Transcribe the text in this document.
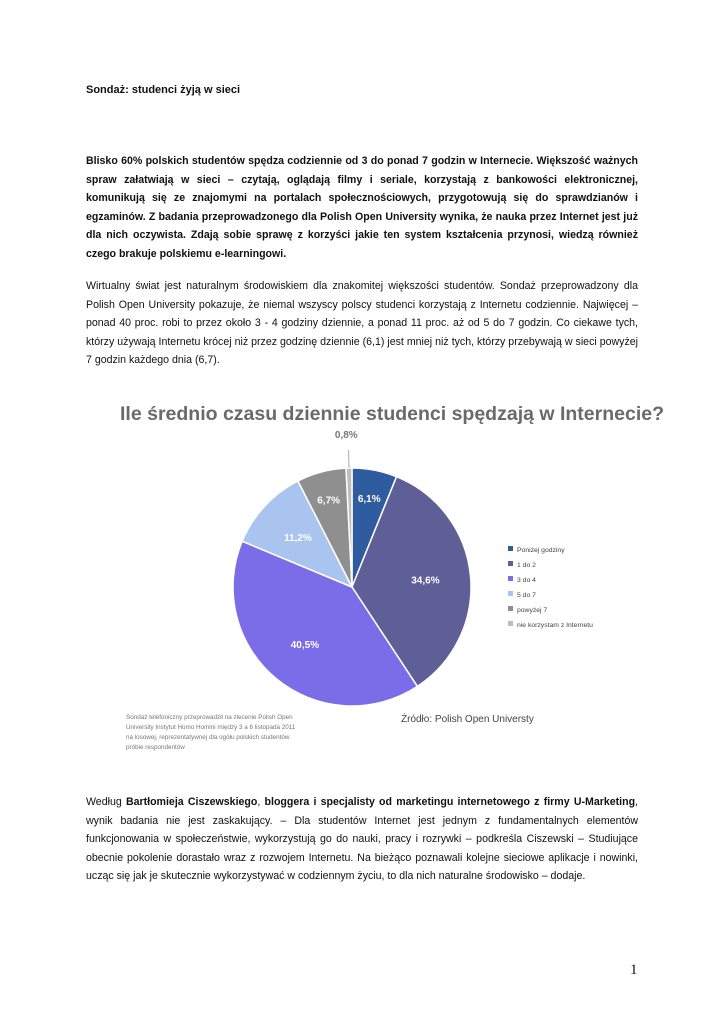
Sondaż: studenci żyją w sieci
Blisko 60% polskich studentów spędza codziennie od 3 do ponad 7 godzin w Internecie. Większość ważnych spraw załatwiają w sieci – czytają, oglądają filmy i seriale, korzystają z bankowości elektronicznej, komunikują się ze znajomymi na portalach społecznościowych, przygotowują się do sprawdzianów i egzaminów. Z badania przeprowadzonego dla Polish Open University wynika, że nauka przez Internet jest już dla nich oczywista. Zdają sobie sprawę z korzyści jakie ten system kształcenia przynosi, wiedzą również czego brakuje polskiemu e-learningowi.
Wirtualny świat jest naturalnym środowiskiem dla znakomitej większości studentów. Sondaż przeprowadzony dla Polish Open University pokazuje, że niemal wszyscy polscy studenci korzystają z Internetu codziennie. Najwięcej – ponad 40 proc. robi to przez około 3 - 4 godziny dziennie, a ponad 11 proc. aż od 5 do 7 godzin. Co ciekawe tych, którzy używają Internetu krócej niż przez godzinę dziennie (6,1) jest mniej niż tych, którzy przebywają w sieci powyżej 7 godzin każdego dnia (6,7).
Ile średnio czasu dziennie studenci spędzają w Internecie?
6,1%
34,6%
40,5%
11,2%
6,7%
0,8%
Poniżej godziny
1 do 2
3 do 4
5 do 7
powyżej 7
nie korzystam z Internetu
Sondaż telefoniczny przeprowadził na zlecenie Polish Open
University Instytut Homo Homini między 3 a 6 listopada 2011
na losowej, reprezentatywnej dla ogółu polskich studentów
próbie respondentów
Źródło: Polish Open Universty
Według Bartłomieja Ciszewskiego, bloggera i specjalisty od marketingu internetowego z firmy U-Marketing, wynik badania nie jest zaskakujący. – Dla studentów Internet jest jednym z fundamentalnych elementów funkcjonowania w społeczeństwie, wykorzystują go do nauki, pracy i rozrywki – podkreśla Ciszewski – Studiujące obecnie pokolenie dorastało wraz z rozwojem Internetu. Na bieżąco poznawali kolejne sieciowe aplikacje i nowinki, ucząc się jak je skutecznie wykorzystywać w codziennym życiu, to dla nich naturalne środowisko – dodaje.
1
